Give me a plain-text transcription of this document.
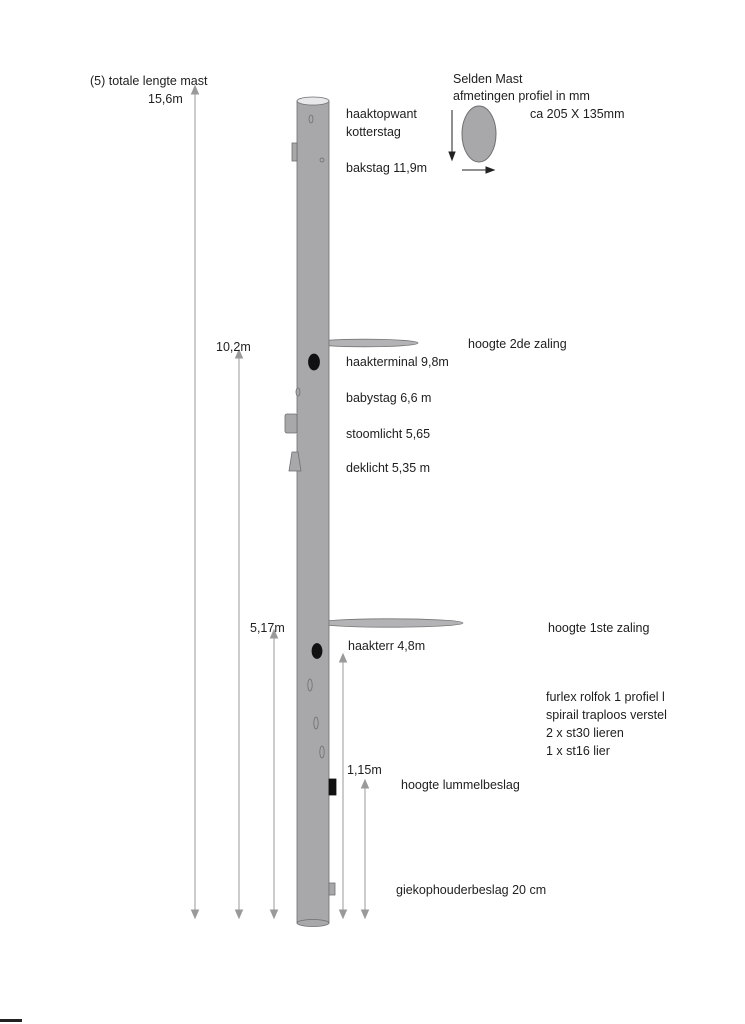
(5) totale lengte mast
15,6m
Selden Mast
afmetingen profiel in mm
ca 205 X 135mm
haaktopwant
kotterstag
bakstag 11,9m
hoogte 2de zaling
10,2m
haakterminal 9,8m
babystag 6,6 m
stoomlicht 5,65
deklicht 5,35 m
hoogte 1ste zaling
5,17m
haakterr 4,8m
furlex rolfok 1 profiel l
spirail traploos verstel
2 x st30 lieren
1 x st16 lier
1,15m
hoogte lummelbeslag
giekophouderbeslag 20 cm
